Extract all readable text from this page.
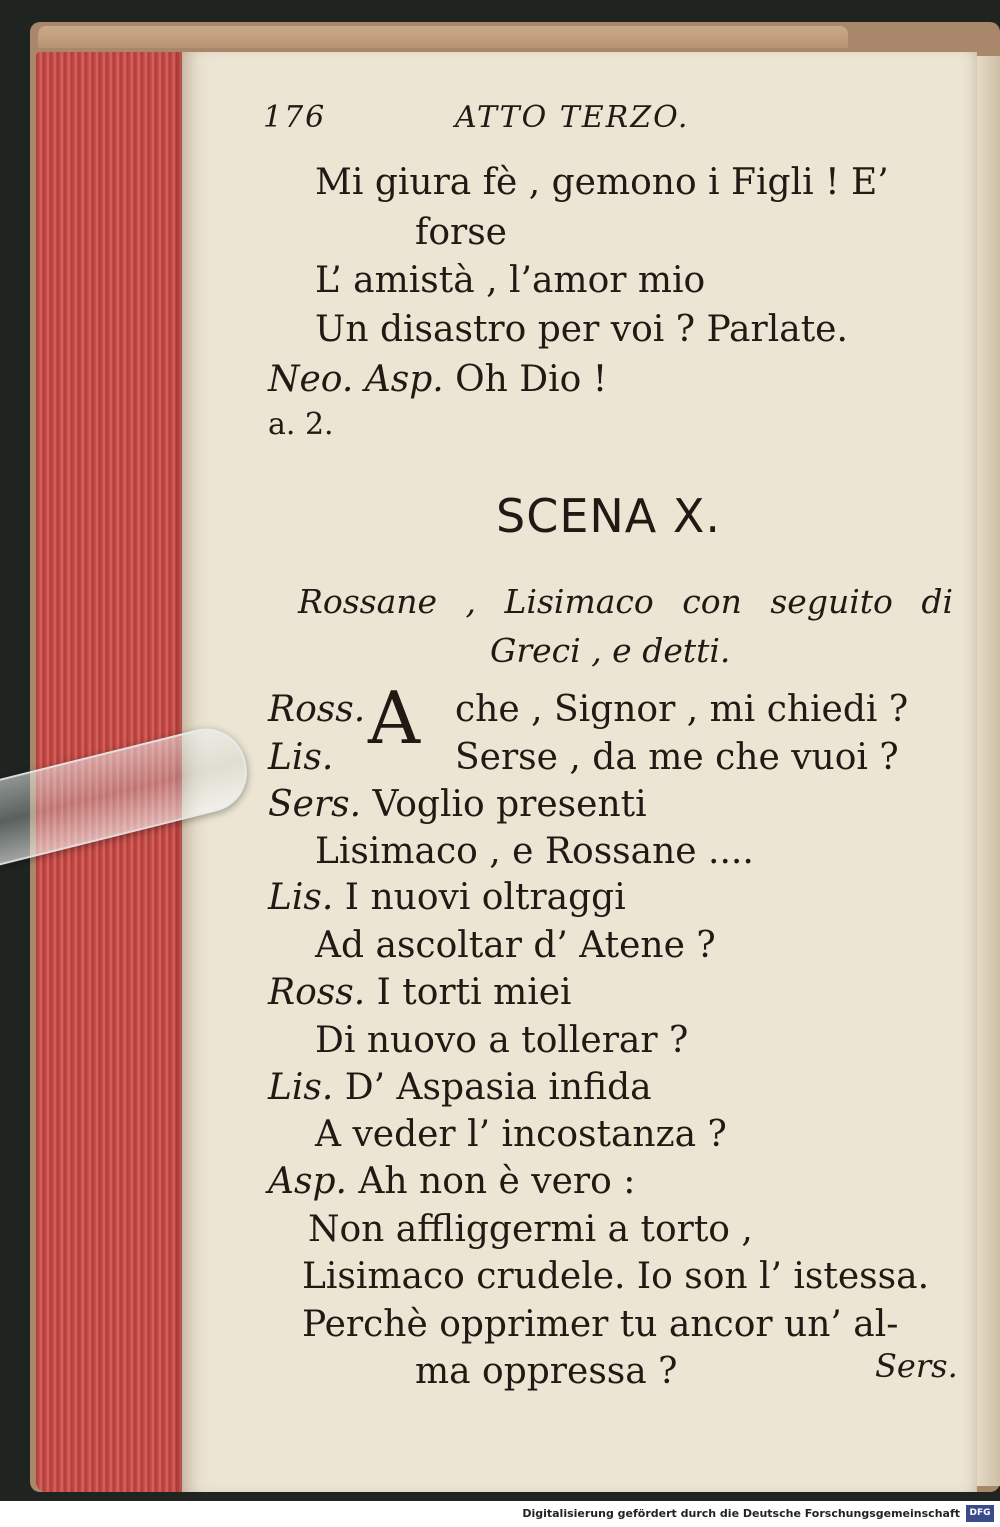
176	ATTO TERZO.
Mi giura fè , gemono i Figli ! E’
forse
L’ amistà , l’amor mio
Un disastro per voi ? Parlate.
Neo. Asp. Oh Dio !
a. 2.
SCENA X.
Rossane , Lisimaco con seguito di
Greci , e detti.
A
Ross. che , Signor , mi chiedi ?
Lis.	Serse , da me che vuoi ?
Sers. Voglio presenti
Lisimaco , e Rossane ....
Lis. I nuovi oltraggi
Ad ascoltar d’ Atene ?
Ross. I torti miei
Di nuovo a tollerar ?
Lis. D’ Aspasia infida
A veder l’ incostanza ?
Asp. Ah non è vero :
Non affliggermi a torto ,
Lisimaco crudele. Io son l’ istessa.
Perchè opprimer tu ancor un’ al-
ma oppressa ?	Sers.
Digitalisierung gefördert durch die Deutsche Forschungsgemeinschaft	DFG
